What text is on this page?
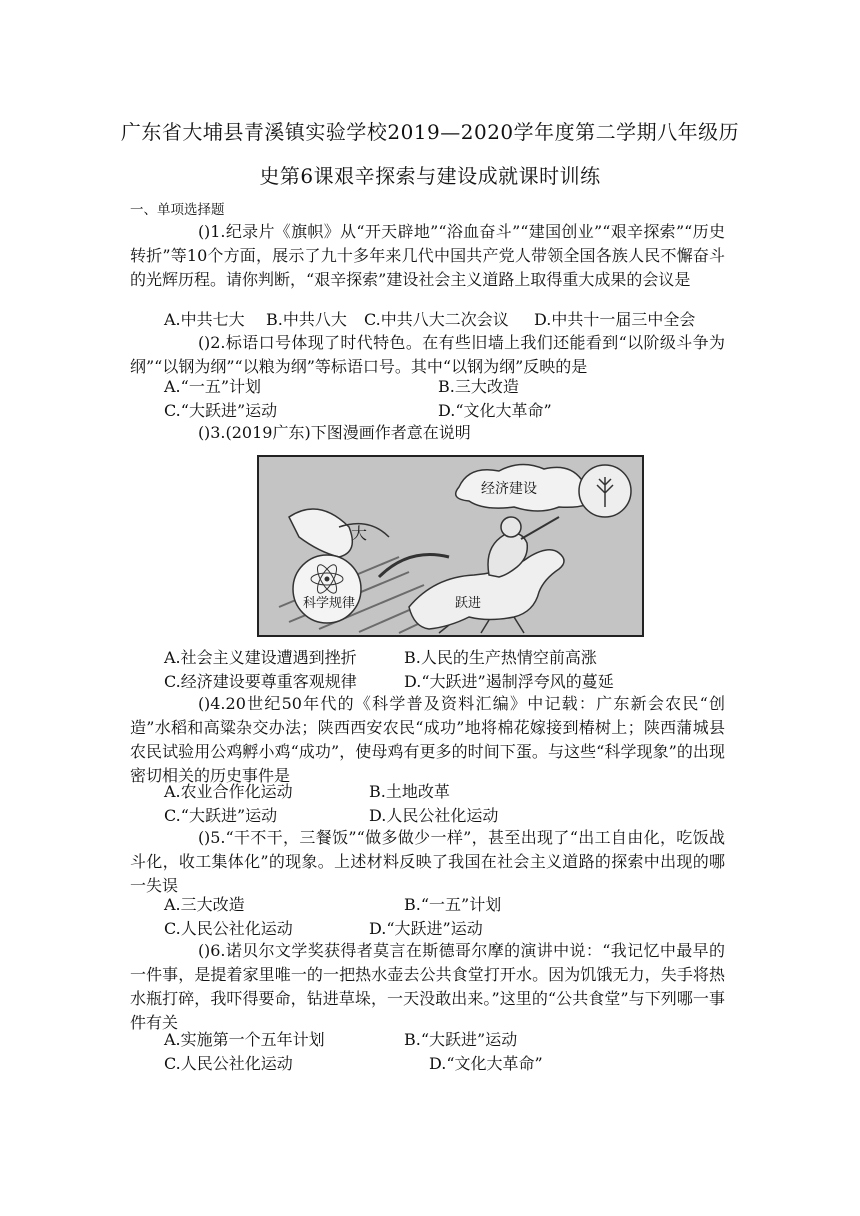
广东省大埔县青溪镇实验学校2019—2020学年度第二学期八年级历
史第6课艰辛探索与建设成就课时训练
一、单项选择题
()1.纪录片《旗帜》从“开天辟地”“浴血奋斗”“建国创业”“艰辛探索”“历史转折”等10个方面，展示了九十多年来几代中国共产党人带领全国各族人民不懈奋斗的光辉历程。请你判断，“艰辛探索”建设社会主义道路上取得重大成果的会议是
A.中共七大	B.中共八大	C.中共八大二次会议	D.中共十一届三中全会
()2.标语口号体现了时代特色。在有些旧墙上我们还能看到“以阶级斗争为纲”“以钢为纲”“以粮为纲”等标语口号。其中“以钢为纲”反映的是
A.“一五”计划	B.三大改造
C.“大跃进”运动	D.“文化大革命”
()3.(2019广东)下图漫画作者意在说明
大
科学规律
经济建设
跃进
A.社会主义建设遭遇到挫折	B.人民的生产热情空前高涨
C.经济建设要尊重客观规律	D.“大跃进”遏制浮夸风的蔓延
()4.20世纪50年代的《科学普及资料汇编》中记载：广东新会农民“创造”水稻和高粱杂交办法；陕西西安农民“成功”地将棉花嫁接到椿树上；陕西蒲城县农民试验用公鸡孵小鸡“成功”，使母鸡有更多的时间下蛋。与这些“科学现象”的出现密切相关的历史事件是
A.农业合作化运动	B.土地改革
C.“大跃进”运动	D.人民公社化运动
()5.“干不干，三餐饭”“做多做少一样”，甚至出现了“出工自由化，吃饭战斗化，收工集体化”的现象。上述材料反映了我国在社会主义道路的探索中出现的哪一失误
A.三大改造	B.“一五”计划
C.人民公社化运动	D.“大跃进”运动
()6.诺贝尔文学奖获得者莫言在斯德哥尔摩的演讲中说：“我记忆中最早的一件事，是提着家里唯一的一把热水壶去公共食堂打开水。因为饥饿无力，失手将热水瓶打碎，我吓得要命，钻进草垛，一天没敢出来。”这里的“公共食堂”与下列哪一事件有关
A.实施第一个五年计划	B.“大跃进”运动
C.人民公社化运动	D.“文化大革命”
